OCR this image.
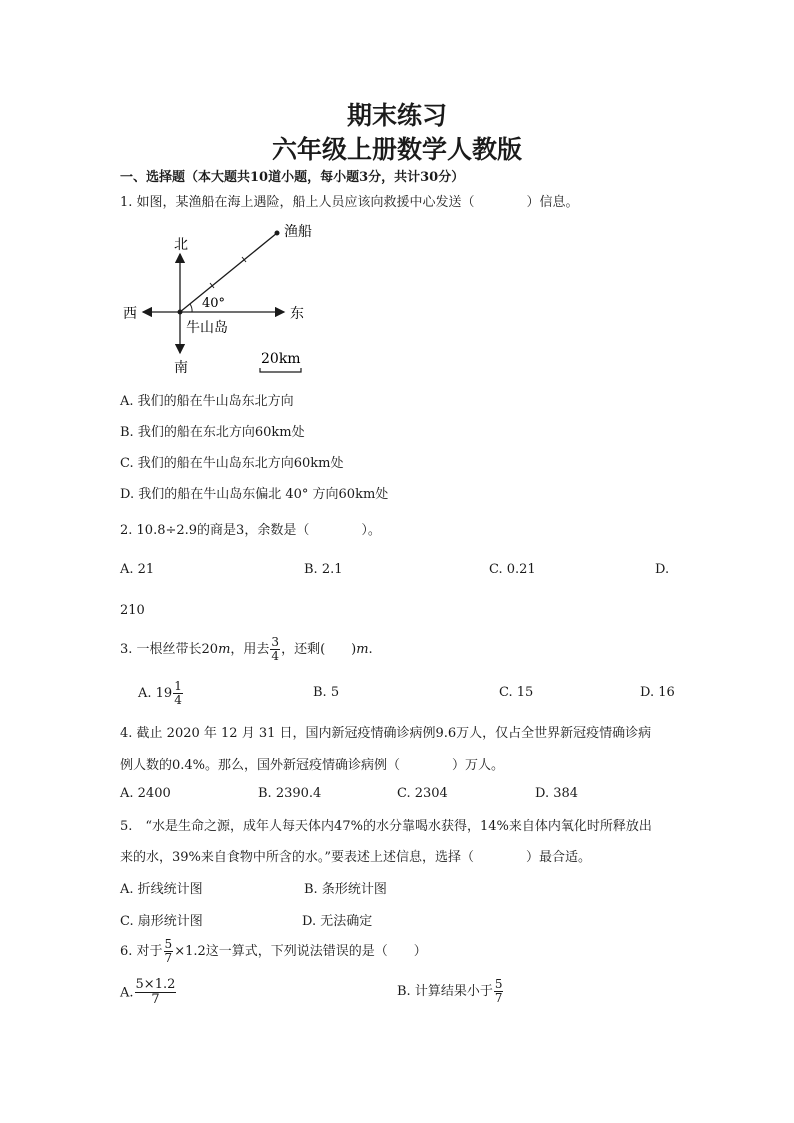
期末练习
六年级上册数学人教版
一、选择题（本大题共10道小题，每小题3分，共计30分）
1. 如图，某渔船在海上遇险，船上人员应该向救援中心发送（　　　　）信息。
北
南
西	东
渔船
牛山岛
40°
20km
A. 我们的船在牛山岛东北方向
B. 我们的船在东北方向60km处
C. 我们的船在牛山岛东北方向60km处
D. 我们的船在牛山岛东偏北 40° 方向60km处
2. 10.8÷2.9的商是3，余数是（　　　　）。
A. 21	B. 2.1	C. 0.21	D.
210
3. 一根丝带长20m，用去 $\frac{3}{4}$ ，还剩(　　)m.
A. $19 \frac{1}{4}$	B. 5	C. 15	D. 16
4. 截止 2020 年 12 月 31 日，国内新冠疫情确诊病例9.6万人，仅占全世界新冠疫情确诊病
例人数的0.4%。那么，国外新冠疫情确诊病例（　　　　）万人。
A. 2400	B. 2390.4	C. 2304	D. 384
5.　“水是生命之源，成年人每天体内47%的水分靠喝水获得，14%来自体内氧化时所释放出
来的水，39%来自食物中所含的水。”要表述上述信息，选择（　　　　）最合适。
A. 折线统计图	B. 条形统计图
C. 扇形统计图	D. 无法确定
6. 对于 $\frac{5}{7} \times 1.2$这一算式，下列说法错误的是（　　）
A. $\frac{5\times 1.2}{7}$	B. 计算结果小于 $\frac{5}{7}$
